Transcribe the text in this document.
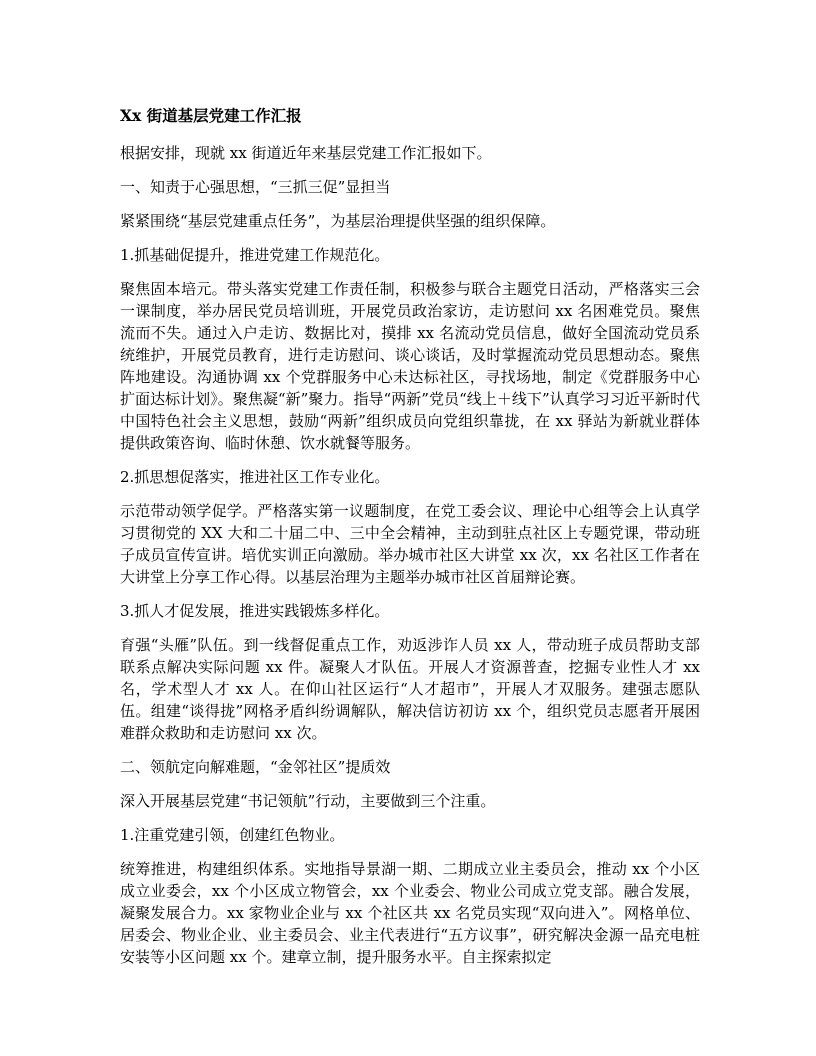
Xx 街道基层党建工作汇报

根据安排，现就 xx 街道近年来基层党建工作汇报如下。

一、知责于心强思想，“三抓三促”显担当

紧紧围绕“基层党建重点任务”，为基层治理提供坚强的组织保障。

1.抓基础促提升，推进党建工作规范化。

聚焦固本培元。带头落实党建工作责任制，积极参与联合主题党日活动，严格落实三会一课制度，举办居民党员培训班，开展党员政治家访，走访慰问 xx 名困难党员。聚焦流而不失。通过入户走访、数据比对，摸排 xx 名流动党员信息，做好全国流动党员系统维护，开展党员教育，进行走访慰问、谈心谈话，及时掌握流动党员思想动态。聚焦阵地建设。沟通协调 xx 个党群服务中心未达标社区，寻找场地，制定《党群服务中心扩面达标计划》。聚焦凝“新”聚力。指导“两新”党员“线上＋线下”认真学习习近平新时代中国特色社会主义思想，鼓励“两新”组织成员向党组织靠拢，在 xx 驿站为新就业群体提供政策咨询、临时休憩、饮水就餐等服务。

2.抓思想促落实，推进社区工作专业化。

示范带动领学促学。严格落实第一议题制度，在党工委会议、理论中心组等会上认真学习贯彻党的 XX 大和二十届二中、三中全会精神，主动到驻点社区上专题党课，带动班子成员宣传宣讲。培优实训正向激励。举办城市社区大讲堂 xx 次，xx 名社区工作者在大讲堂上分享工作心得。以基层治理为主题举办城市社区首届辩论赛。

3.抓人才促发展，推进实践锻炼多样化。

育强“头雁”队伍。到一线督促重点工作，劝返涉诈人员 xx 人，带动班子成员帮助支部联系点解决实际问题 xx 件。凝聚人才队伍。开展人才资源普查，挖掘专业性人才 xx 名，学术型人才 xx 人。在仰山社区运行“人才超市”，开展人才双服务。建强志愿队伍。组建“谈得拢”网格矛盾纠纷调解队，解决信访初访 xx 个，组织党员志愿者开展困难群众救助和走访慰问 xx 次。

二、领航定向解难题，“金邻社区”提质效

深入开展基层党建“书记领航”行动，主要做到三个注重。

1.注重党建引领，创建红色物业。

统筹推进，构建组织体系。实地指导景湖一期、二期成立业主委员会，推动 xx 个小区成立业委会，xx 个小区成立物管会，xx 个业委会、物业公司成立党支部。融合发展，凝聚发展合力。xx 家物业企业与 xx 个社区共 xx 名党员实现“双向进入”。网格单位、居委会、物业企业、业主委员会、业主代表进行“五方议事”，研究解决金源一品充电桩安装等小区问题 xx 个。建章立制，提升服务水平。自主探索拟定
